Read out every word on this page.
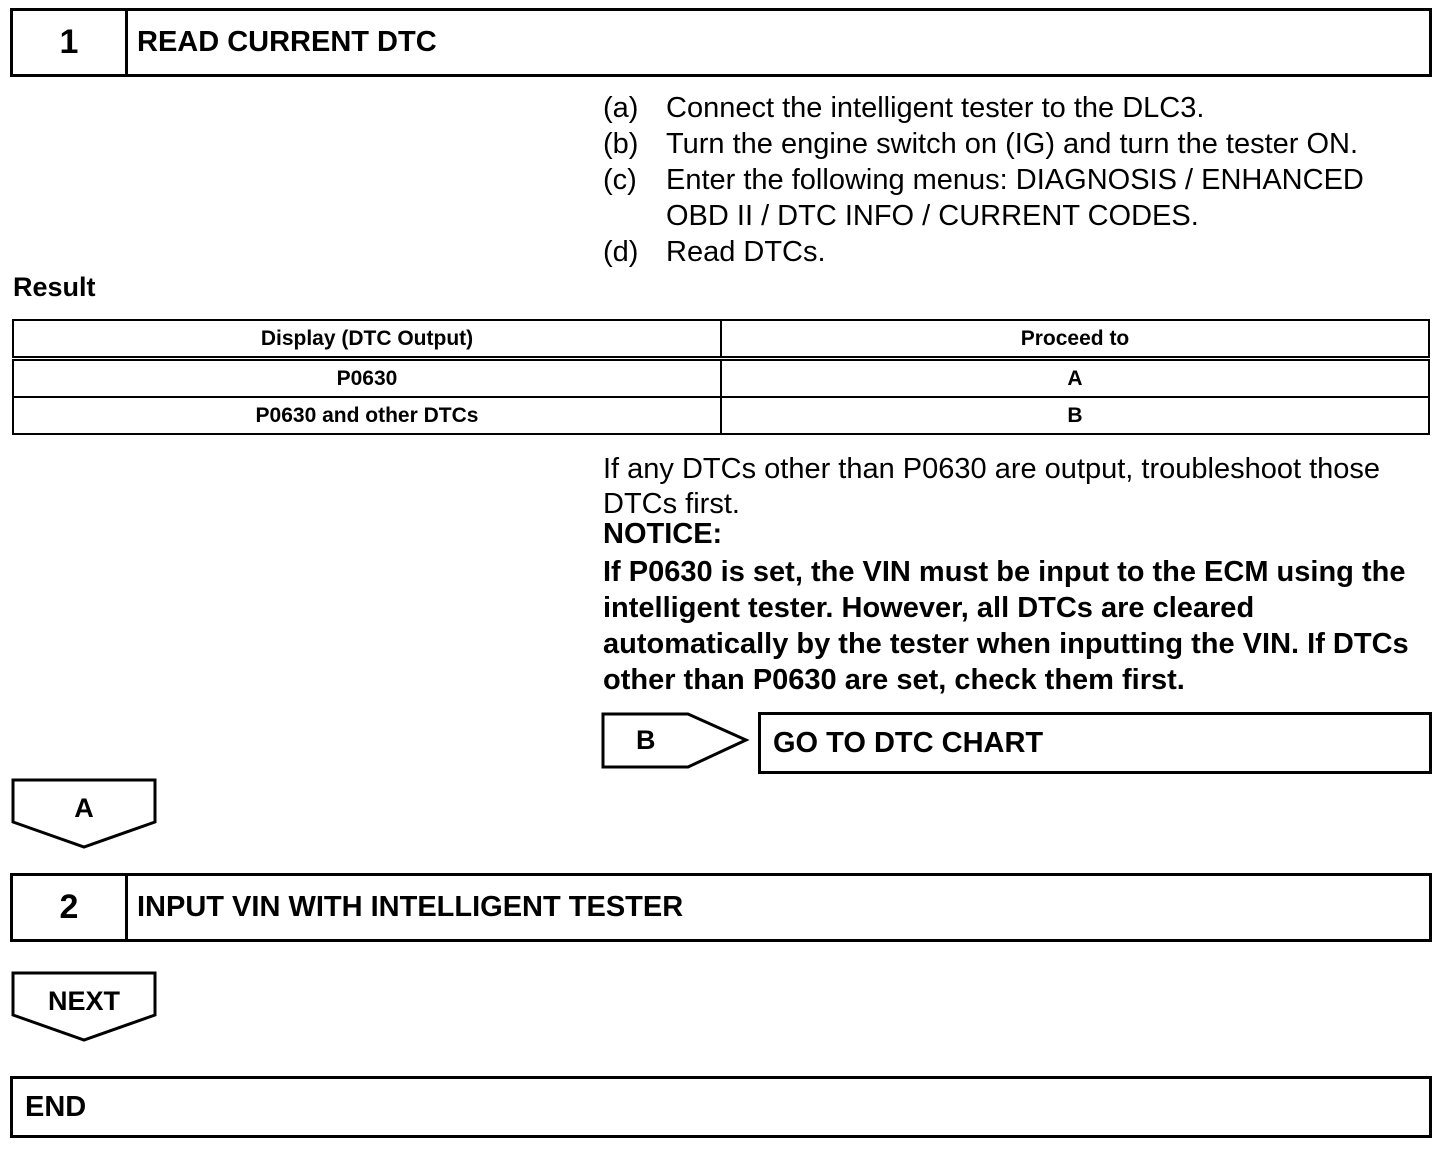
1	READ CURRENT DTC
(a) Connect the intelligent tester to the DLC3.
(b) Turn the engine switch on (IG) and turn the tester ON.
(c) Enter the following menus: DIAGNOSIS / ENHANCED OBD II / DTC INFO / CURRENT CODES.
(d) Read DTCs.
Result
Display (DTC Output)	Proceed to
P0630	A
P0630 and other DTCs	B
If any DTCs other than P0630 are output, troubleshoot those DTCs first.
NOTICE:
If P0630 is set, the VIN must be input to the ECM using the intelligent tester. However, all DTCs are cleared automatically by the tester when inputting the VIN. If DTCs other than P0630 are set, check them first.
B	GO TO DTC CHART
A
2	INPUT VIN WITH INTELLIGENT TESTER
NEXT
END
